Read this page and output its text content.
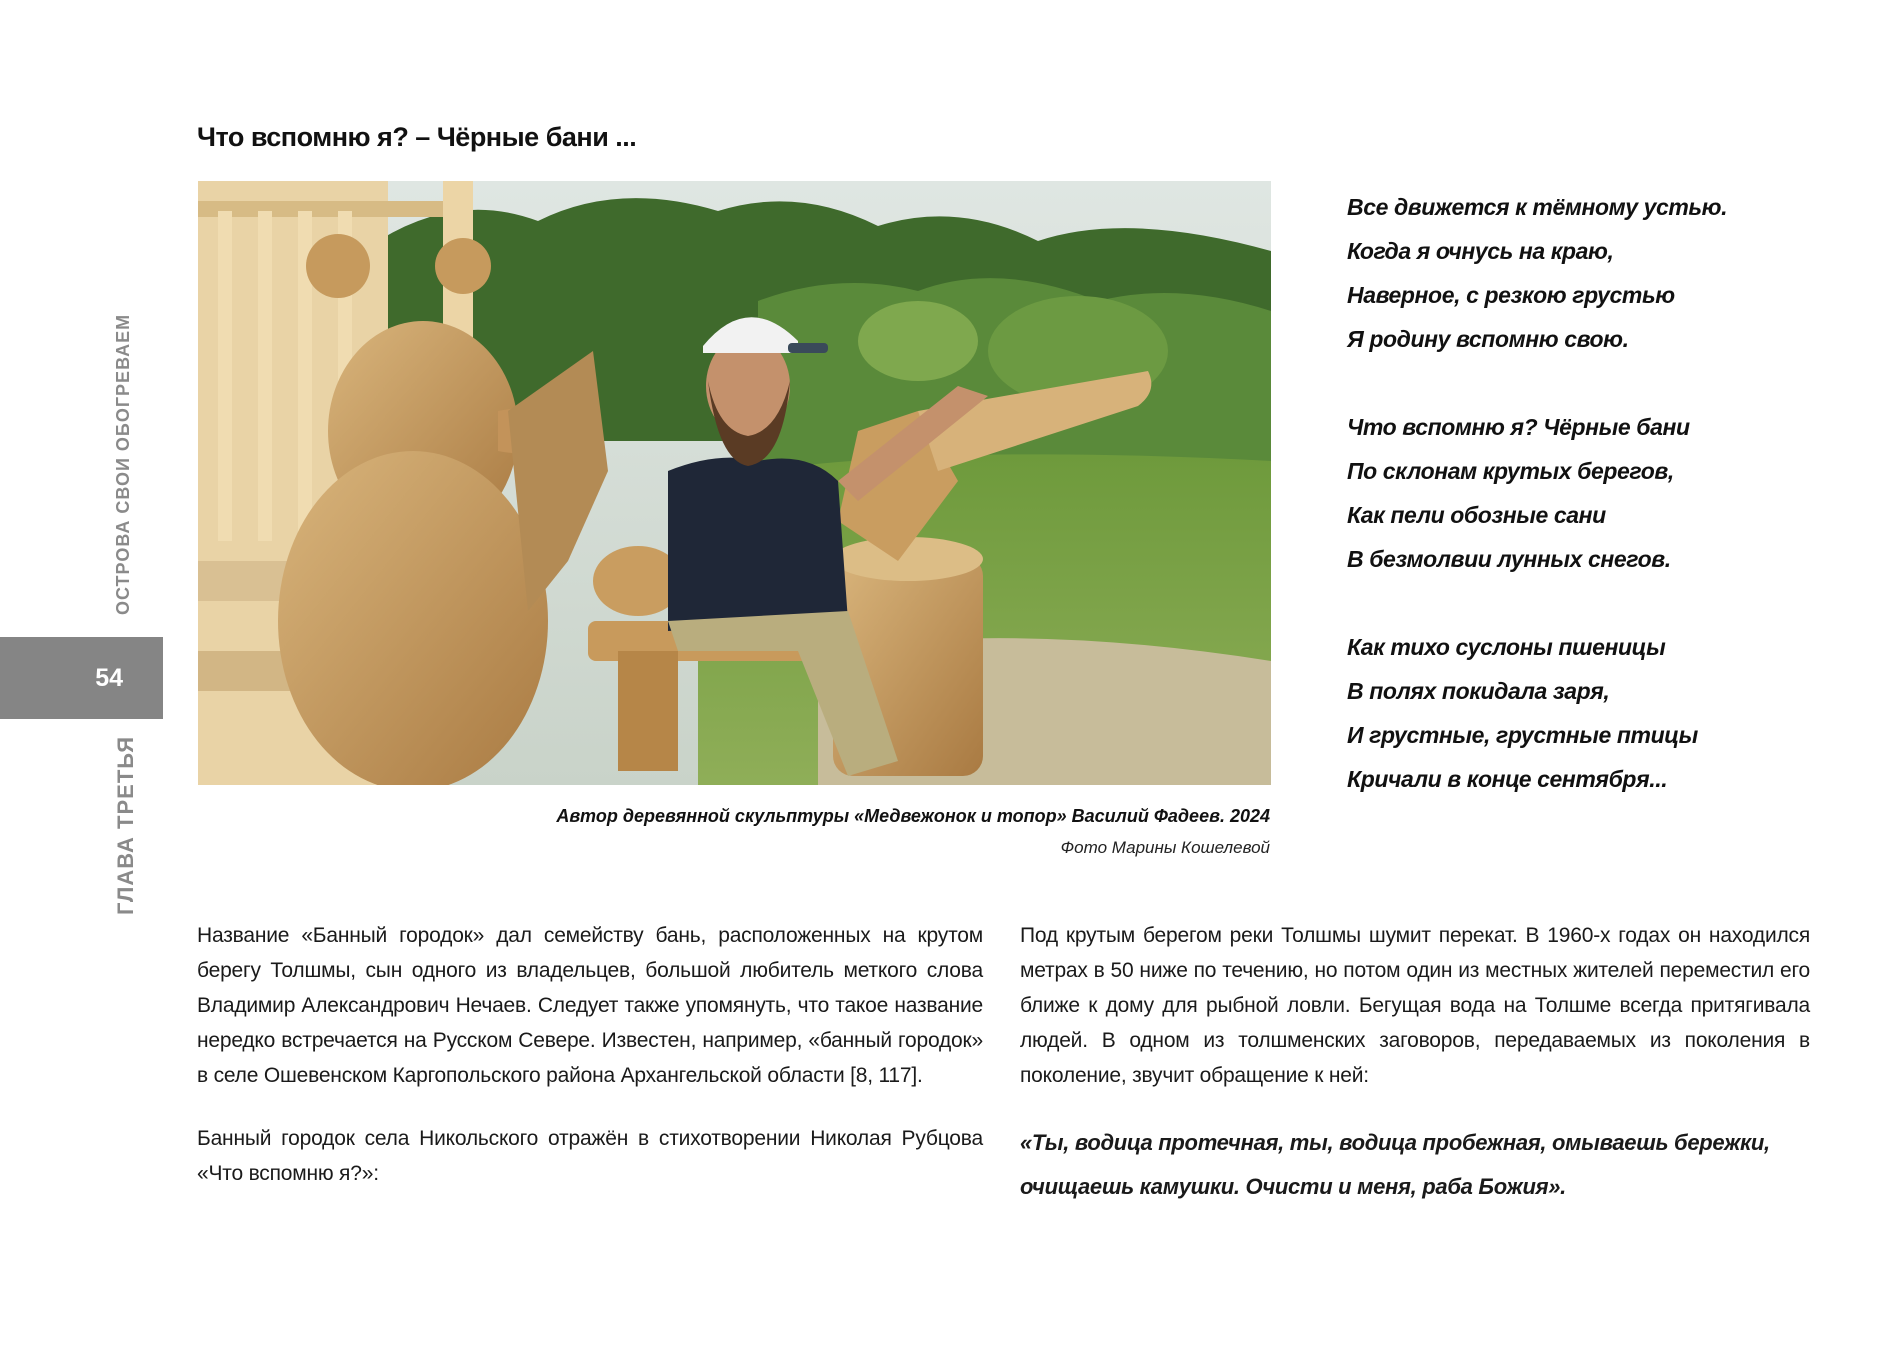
ОСТРОВА СВОИ ОБОГРЕВАЕМ
54
ГЛАВА ТРЕТЬЯ
Что вспомню я? – Чёрные бани ...
Автор деревянной скульптуры «Медвежонок и топор» Василий Фадеев. 2024
Фото Марины Кошелевой
Все движется к тёмному устью.
Когда я очнусь на краю,
Наверное, с резкою грустью
Я родину вспомню свою.
Что вспомню я? Чёрные бани
По склонам крутых берегов,
Как пели обозные сани
В безмолвии лунных снегов.
Как тихо суслоны пшеницы
В полях покидала заря,
И грустные, грустные птицы
Кричали в конце сентября...

Название «Банный городок» дал семейству бань, расположенных на крутом берегу Толшмы, сын одного из владельцев, большой любитель меткого слова Владимир Александрович Нечаев. Следует также упомянуть, что такое название нередко встречается на Русском Севере. Известен, например, «банный городок» в селе Ошевенском Каргопольского района Архангельской области [8, 117].

Банный городок села Никольского отражён в стихотворении Николая Рубцова «Что вспомню я?»:

Под крутым берегом реки Толшмы шумит перекат. В 1960-х годах он находился метрах в 50 ниже по течению, но потом один из местных жителей переместил его ближе к дому для рыбной ловли. Бегущая вода на Толшме всегда притягивала людей. В одном из толшменских заговоров, передаваемых из поколения в поколение, звучит обращение к ней:

«Ты, водица протечная, ты, водица пробежная, омываешь бережки, очищаешь камушки. Очисти и меня, раба Божия».
